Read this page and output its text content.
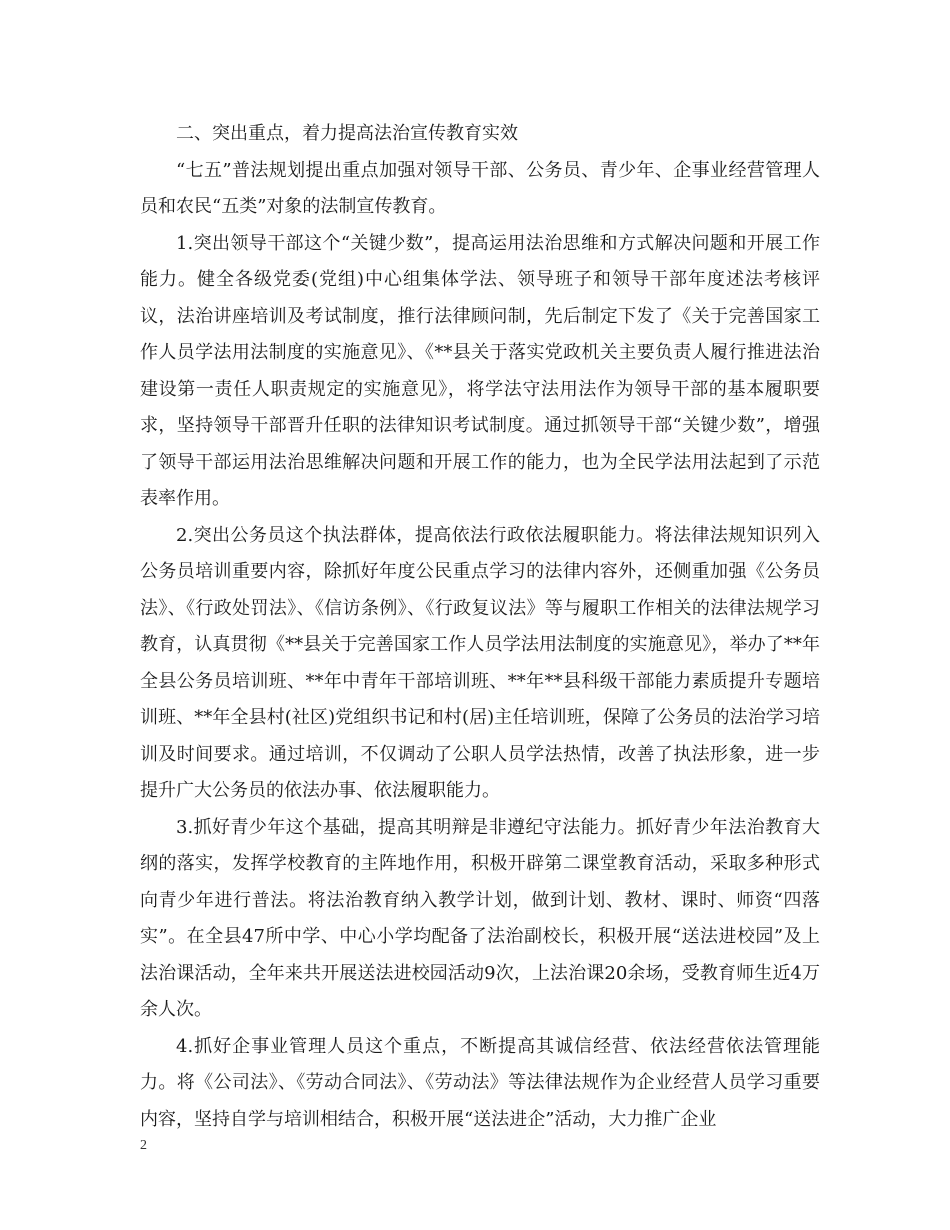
二、突出重点，着力提高法治宣传教育实效

“七五”普法规划提出重点加强对领导干部、公务员、青少年、企事业经营管理人员和农民“五类”对象的法制宣传教育。

1.突出领导干部这个“关键少数”，提高运用法治思维和方式解决问题和开展工作能力。健全各级党委(党组)中心组集体学法、领导班子和领导干部年度述法考核评议，法治讲座培训及考试制度，推行法律顾问制，先后制定下发了《关于完善国家工作人员学法用法制度的实施意见》、《**县关于落实党政机关主要负责人履行推进法治建设第一责任人职责规定的实施意见》，将学法守法用法作为领导干部的基本履职要求，坚持领导干部晋升任职的法律知识考试制度。通过抓领导干部“关键少数”，增强了领导干部运用法治思维解决问题和开展工作的能力，也为全民学法用法起到了示范表率作用。

2.突出公务员这个执法群体，提高依法行政依法履职能力。将法律法规知识列入公务员培训重要内容，除抓好年度公民重点学习的法律内容外，还侧重加强《公务员法》、《行政处罚法》、《信访条例》、《行政复议法》等与履职工作相关的法律法规学习教育，认真贯彻《**县关于完善国家工作人员学法用法制度的实施意见》，举办了**年全县公务员培训班、**年中青年干部培训班、**年**县科级干部能力素质提升专题培训班、**年全县村(社区)党组织书记和村(居)主任培训班，保障了公务员的法治学习培训及时间要求。通过培训，不仅调动了公职人员学法热情，改善了执法形象，进一步提升广大公务员的依法办事、依法履职能力。

3.抓好青少年这个基础，提高其明辩是非遵纪守法能力。抓好青少年法治教育大纲的落实，发挥学校教育的主阵地作用，积极开辟第二课堂教育活动，采取多种形式向青少年进行普法。将法治教育纳入教学计划，做到计划、教材、课时、师资“四落实”。在全县47所中学、中心小学均配备了法治副校长，积极开展“送法进校园”及上法治课活动，全年来共开展送法进校园活动9次，上法治课20余场，受教育师生近4万余人次。

4.抓好企事业管理人员这个重点，不断提高其诚信经营、依法经营依法管理能力。将《公司法》、《劳动合同法》、《劳动法》等法律法规作为企业经营人员学习重要内容，坚持自学与培训相结合，积极开展“送法进企”活动，大力推广企业

2
